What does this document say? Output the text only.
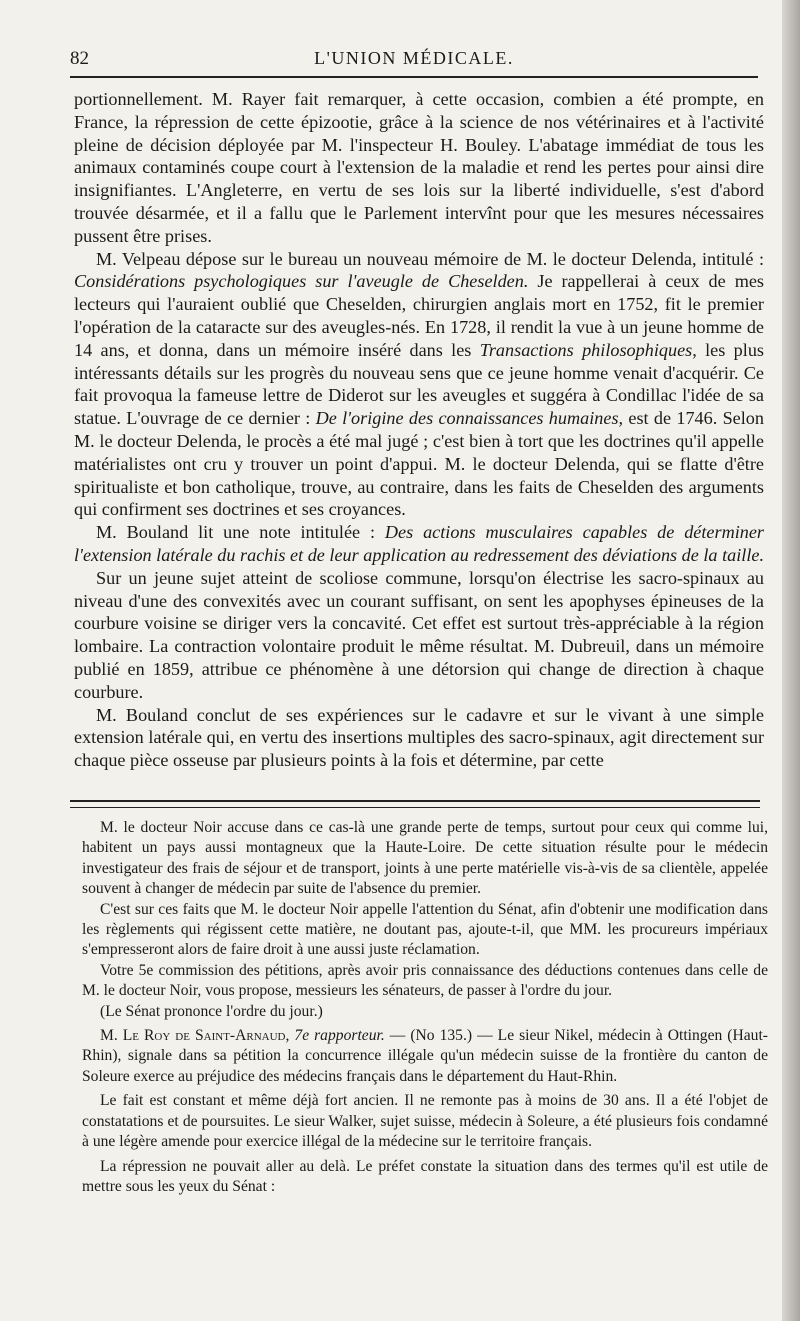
82	L'UNION MÉDICALE.

portionnellement. M. Rayer fait remarquer, à cette occasion, combien a été prompte, en France, la répression de cette épizootie, grâce à la science de nos vétérinaires et à l'activité pleine de décision déployée par M. l'inspecteur H. Bouley. L'abatage immédiat de tous les animaux contaminés coupe court à l'extension de la maladie et rend les pertes pour ainsi dire insignifiantes. L'Angleterre, en vertu de ses lois sur la liberté individuelle, s'est d'abord trouvée désarmée, et il a fallu que le Parlement intervînt pour que les mesures nécessaires pussent être prises.

M. Velpeau dépose sur le bureau un nouveau mémoire de M. le docteur Delenda, intitulé : Considérations psychologiques sur l'aveugle de Cheselden. Je rappellerai à ceux de mes lecteurs qui l'auraient oublié que Cheselden, chirurgien anglais mort en 1752, fit le premier l'opération de la cataracte sur des aveugles-nés. En 1728, il rendit la vue à un jeune homme de 14 ans, et donna, dans un mémoire inséré dans les Transactions philosophiques, les plus intéressants détails sur les progrès du nouveau sens que ce jeune homme venait d'acquérir. Ce fait provoqua la fameuse lettre de Diderot sur les aveugles et suggéra à Condillac l'idée de sa statue. L'ouvrage de ce dernier : De l'origine des connaissances humaines, est de 1746. Selon M. le docteur Delenda, le procès a été mal jugé ; c'est bien à tort que les doctrines qu'il appelle matérialistes ont cru y trouver un point d'appui. M. le docteur Delenda, qui se flatte d'être spiritualiste et bon catholique, trouve, au contraire, dans les faits de Cheselden des arguments qui confirment ses doctrines et ses croyances.

M. Bouland lit une note intitulée : Des actions musculaires capables de déterminer l'extension latérale du rachis et de leur application au redressement des déviations de la taille.

Sur un jeune sujet atteint de scoliose commune, lorsqu'on électrise les sacro-spinaux au niveau d'une des convexités avec un courant suffisant, on sent les apophyses épineuses de la courbure voisine se diriger vers la concavité. Cet effet est surtout très-appréciable à la région lombaire. La contraction volontaire produit le même résultat. M. Dubreuil, dans un mémoire publié en 1859, attribue ce phénomène à une détorsion qui change de direction à chaque courbure.

M. Bouland conclut de ses expériences sur le cadavre et sur le vivant à une simple extension latérale qui, en vertu des insertions multiples des sacro-spinaux, agit directement sur chaque pièce osseuse par plusieurs points à la fois et détermine, par cette

M. le docteur Noir accuse dans ce cas-là une grande perte de temps, surtout pour ceux qui comme lui, habitent un pays aussi montagneux que la Haute-Loire. De cette situation résulte pour le médecin investigateur des frais de séjour et de transport, joints à une perte matérielle vis-à-vis de sa clientèle, appelée souvent à changer de médecin par suite de l'absence du premier.

C'est sur ces faits que M. le docteur Noir appelle l'attention du Sénat, afin d'obtenir une modification dans les règlements qui régissent cette matière, ne doutant pas, ajoute-t-il, que MM. les procureurs impériaux s'empresseront alors de faire droit à une aussi juste réclamation.

Votre 5e commission des pétitions, après avoir pris connaissance des déductions contenues dans celle de M. le docteur Noir, vous propose, messieurs les sénateurs, de passer à l'ordre du jour.

(Le Sénat prononce l'ordre du jour.)

M. Le Roy de Saint-Arnaud, 7e rapporteur. — (No 135.) — Le sieur Nikel, médecin à Ottingen (Haut-Rhin), signale dans sa pétition la concurrence illégale qu'un médecin suisse de la frontière du canton de Soleure exerce au préjudice des médecins français dans le département du Haut-Rhin.

Le fait est constant et même déjà fort ancien. Il ne remonte pas à moins de 30 ans. Il a été l'objet de constatations et de poursuites. Le sieur Walker, sujet suisse, médecin à Soleure, a été plusieurs fois condamné à une légère amende pour exercice illégal de la médecine sur le territoire français.

La répression ne pouvait aller au delà. Le préfet constate la situation dans des termes qu'il est utile de mettre sous les yeux du Sénat :
